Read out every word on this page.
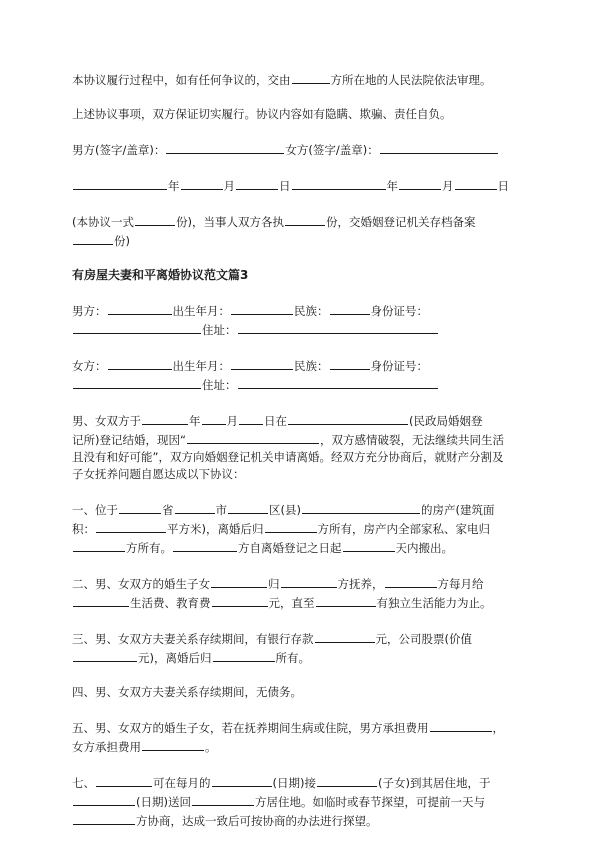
本协议履行过程中，如有任何争议的，交由	方所在地的人民法院依法审理。

上述协议事项，双方保证切实履行。协议内容如有隐瞒、欺骗、责任自负。

男方(签字/盖章)：	女方(签字/盖章)：

年	月	日	年	月	日

(本协议一式	份)，当事人双方各执	份，交婚姻登记机关存档备案
份)

有房屋夫妻和平离婚协议范文篇3

男方：	出生年月：	民族：	身份证号：
住址：

女方：	出生年月：	民族：	身份证号：
住址：

男、女双方于	年 月 日在	(民政局婚姻登
记所)登记结婚，现因“	，双方感情破裂，无法继续共同生活
且没有和好可能”，双方向婚姻登记机关申请离婚。经双方充分协商后，就财产分割及
子女抚养问题自愿达成以下协议：

一、位于	省	市	区(县)	的房产(建筑面
积：	平方米)，离婚后归	方所有，房产内全部家私、家电归
方所有。	方自离婚登记之日起	天内搬出。

二、男、女双方的婚生子女	归	方抚养，	方每月给
生活费、教育费	元，直至	有独立生活能力为止。

三、男、女双方夫妻关系存续期间，有银行存款	元，公司股票(价值
元)，离婚后归	所有。

四、男、女双方夫妻关系存续期间，无债务。

五、男、女双方的婚生子女，若在抚养期间生病或住院，男方承担费用	，
女方承担费用	。

七、	可在每月的	(日期)接	(子女)到其居住地，于
(日期)送回	方居住地。如临时或春节探望，可提前一天与
方协商，达成一致后可按协商的办法进行探望。
